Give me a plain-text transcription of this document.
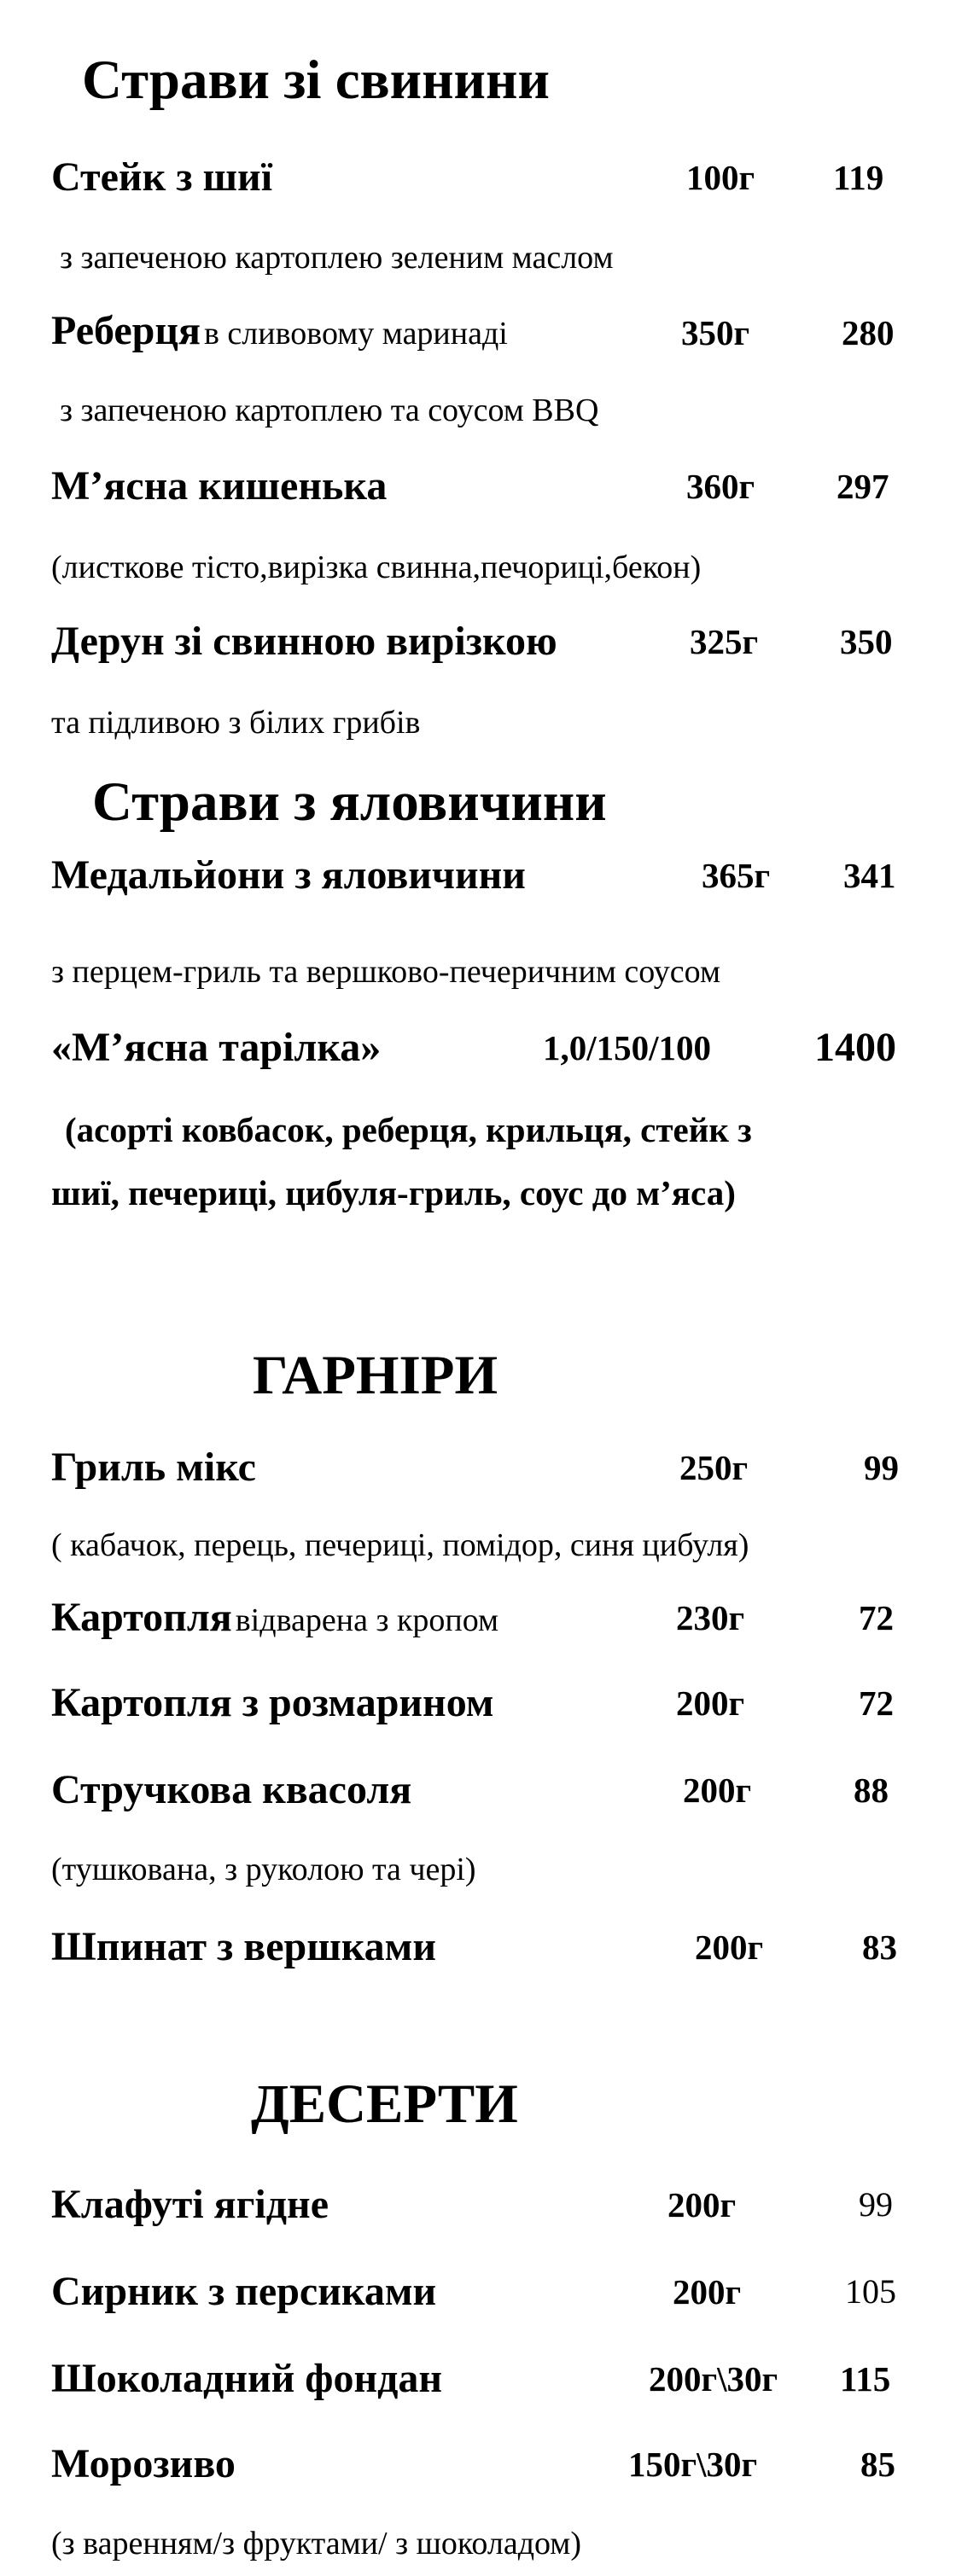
Страви зі свинини
Стейк з шиї	100г 119
з запеченою картоплею зеленим маслом
Реберця в сливовому маринаді	350г	280
з запеченою картоплею та соусом BBQ
М’ясна кишенька	360г 297
(листкове тісто,вирізка свинна,печориці,бекон)
Дерун зі свинною вирізкою	325г 350
та підливою з білих грибів
Страви з яловичини
Медальйони з яловичини	365г 341
з перцем-гриль та вершково-печеричним соусом
«М’ясна тарілка»	1,0/150/100	1400
(асорті ковбасок, реберця, крильця, стейк з
шиї, печериці, цибуля-гриль, соус до м’яса)
ГАРНІРИ
Гриль мікс	250г	99
( кабачок, перець, печериці, помідор, синя цибуля)
Картопля відварена з кропом	230г	72
Картопля з розмарином	200г	72
Стручкова квасоля	200г	88
(тушкована, з руколою та чері)
Шпинат з вершками	200г	83
ДЕСЕРТИ
Клафуті ягідне	200г	99
Сирник з персиками	200г	105
Шоколадний фондан	200г\30г 115
Морозиво	150г\30г	85
(з варенням/з фруктами/ з шоколадом)
